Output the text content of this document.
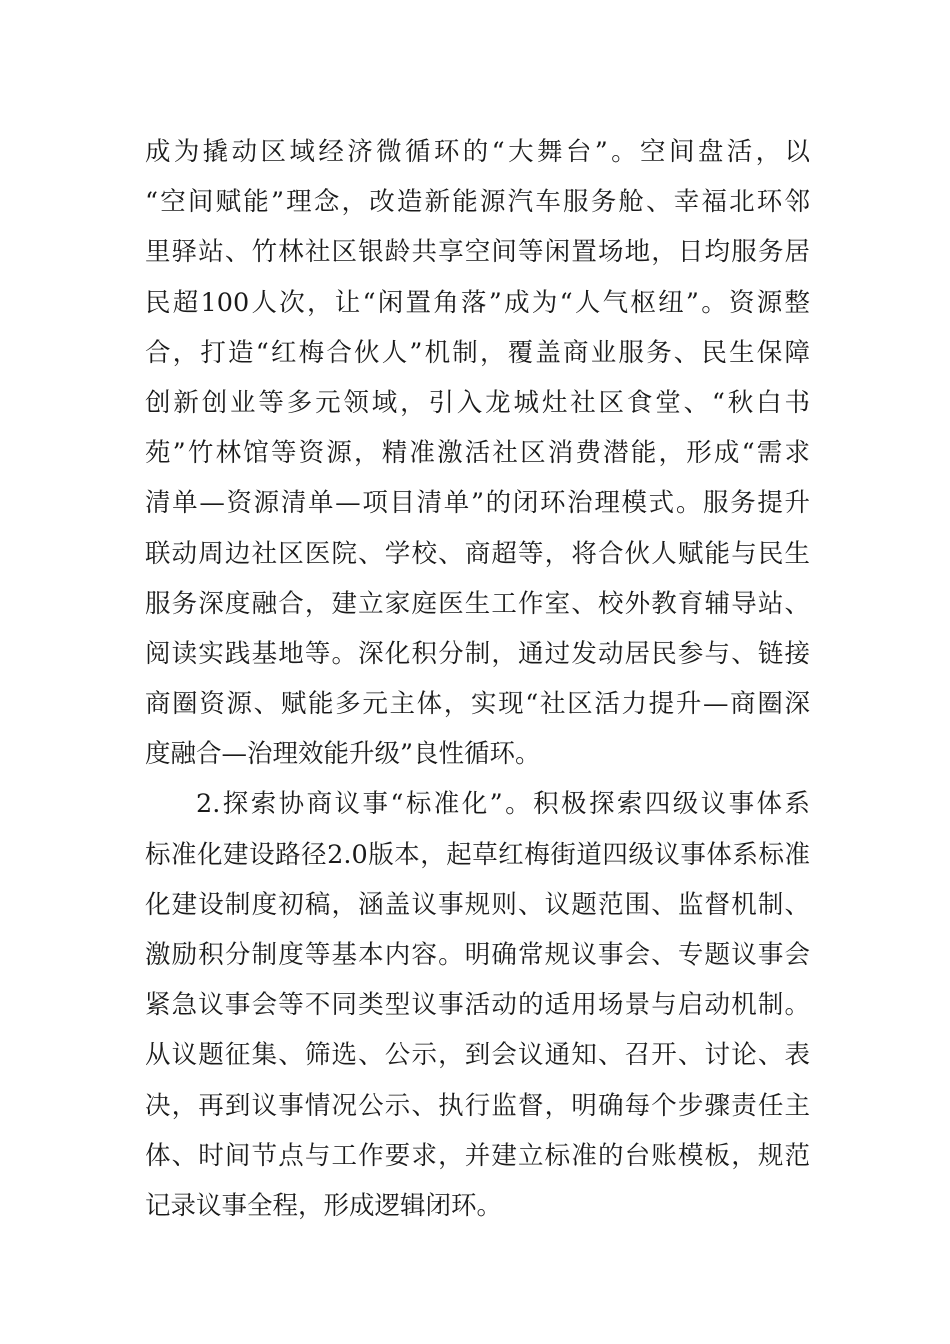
成为撬动区域经济微循环的“大舞台”。空间盘活，以
“空间赋能”理念，改造新能源汽车服务舱、幸福北环邻
里驿站、竹林社区银龄共享空间等闲置场地，日均服务居
民超100人次，让“闲置角落”成为“人气枢纽”。资源整
合，打造“红梅合伙人”机制，覆盖商业服务、民生保障
创新创业等多元领域，引入龙城灶社区食堂、“秋白书
苑”竹林馆等资源，精准激活社区消费潜能，形成“需求
清单—资源清单—项目清单”的闭环治理模式。服务提升
联动周边社区医院、学校、商超等，将合伙人赋能与民生
服务深度融合，建立家庭医生工作室、校外教育辅导站、
阅读实践基地等。深化积分制，通过发动居民参与、链接
商圈资源、赋能多元主体，实现“社区活力提升—商圈深
度融合—治理效能升级”良性循环。
2.探索协商议事“标准化”。积极探索四级议事体系
标准化建设路径2.0版本，起草红梅街道四级议事体系标准
化建设制度初稿，涵盖议事规则、议题范围、监督机制、
激励积分制度等基本内容。明确常规议事会、专题议事会
紧急议事会等不同类型议事活动的适用场景与启动机制。
从议题征集、筛选、公示，到会议通知、召开、讨论、表
决，再到议事情况公示、执行监督，明确每个步骤责任主
体、时间节点与工作要求，并建立标准的台账模板，规范
记录议事全程，形成逻辑闭环。
